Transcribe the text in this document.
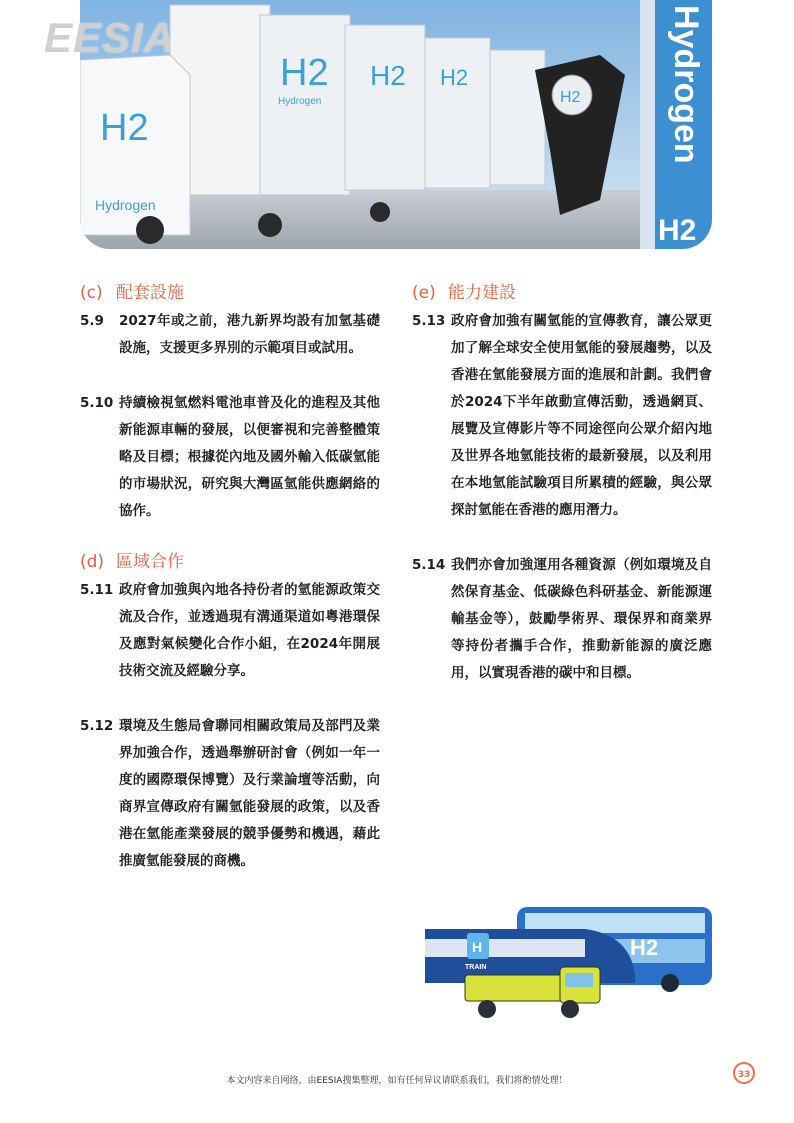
H2
Hydrogen
H2
Hydrogen
H2 H2
H2	Hydrogen
H2
EESIA
(c) 配套設施
5.9	2027年或之前，港九新界均設有加氫基礎設施，支援更多界別的示範項目或試用。
5.10 持續檢視氫燃料電池車普及化的進程及其他新能源車輛的發展，以便審視和完善整體策略及目標；根據從內地及國外輸入低碳氫能的市場狀況，研究與大灣區氫能供應網絡的協作。
(d) 區域合作
5.11 政府會加強與內地各持份者的氫能源政策交流及合作，並透過現有溝通渠道如粵港環保及應對氣候變化合作小組，在2024年開展技術交流及經驗分享。
5.12 環境及生態局會聯同相關政策局及部門及業界加強合作，透過舉辦研討會（例如一年一度的國際環保博覽）及行業論壇等活動，向商界宣傳政府有關氫能發展的政策，以及香港在氫能產業發展的競爭優勢和機遇，藉此推廣氫能發展的商機。
(e) 能力建設
5.13 政府會加強有關氫能的宣傳教育，讓公眾更加了解全球安全使用氫能的發展趨勢，以及香港在氫能發展方面的進展和計劃。我們會於2024下半年啟動宣傳活動，透過網頁、展覽及宣傳影片等不同途徑向公眾介紹內地及世界各地氫能技術的最新發展，以及利用在本地氫能試驗項目所累積的經驗，與公眾探討氫能在香港的應用潛力。
5.14 我們亦會加強運用各種資源（例如環境及自然保育基金、低碳綠色科研基金、新能源運輸基金等），鼓勵學術界、環保界和商業界等持份者攜手合作，推動新能源的廣泛應用，以實現香港的碳中和目標。
H2
H
TRAIN
本文内容来自网络，由EESIA搜集整理，如有任何异议请联系我们，我们将酌情处理！
33
